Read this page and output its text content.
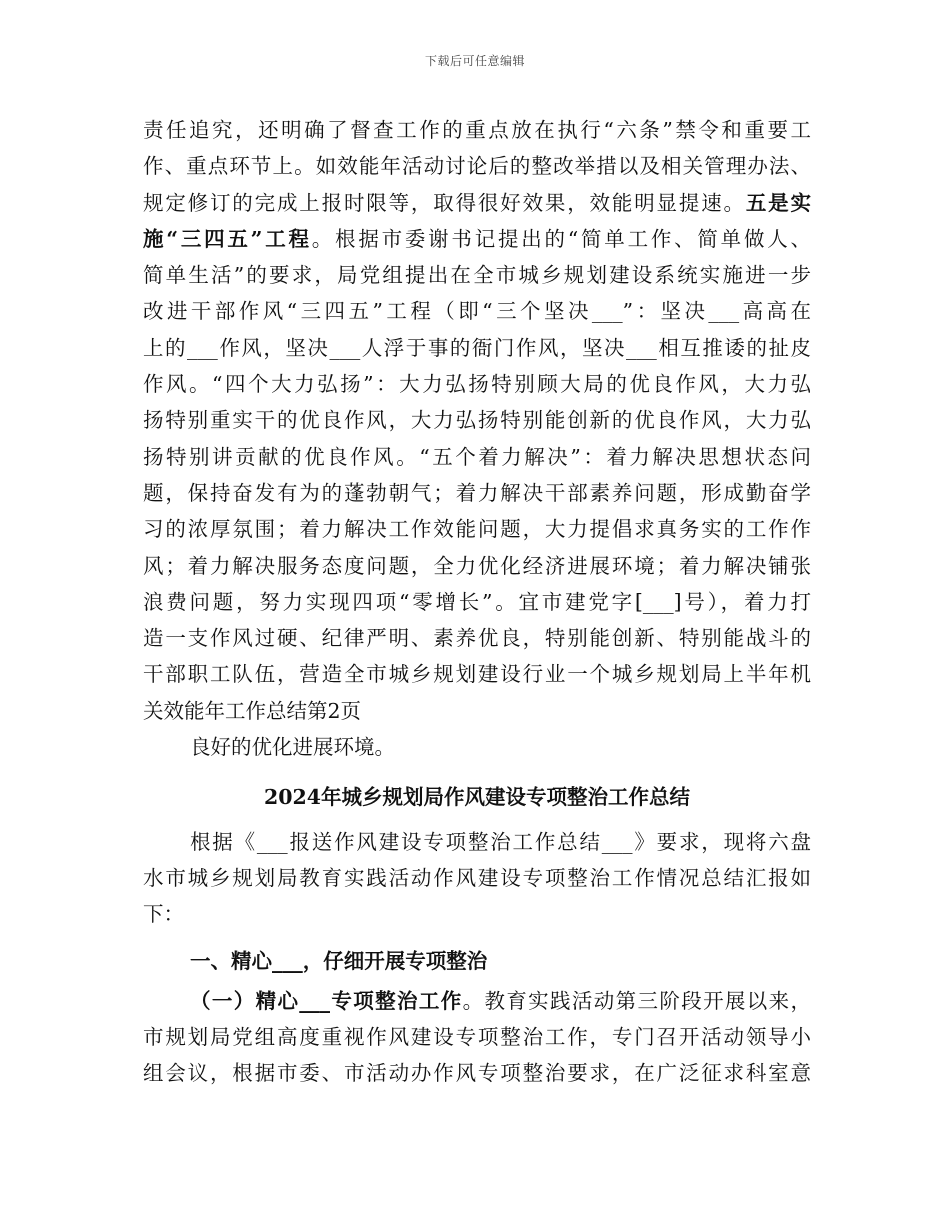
下载后可任意编辑
责任追究，还明确了督查工作的重点放在执行“六条”禁令和重要工
作、重点环节上。如效能年活动讨论后的整改举措以及相关管理办法、
规定修订的完成上报时限等，取得很好效果，效能明显提速。五是实
施“三四五”工程。根据市委谢书记提出的“简单工作、简单做人、
简单生活”的要求，局党组提出在全市城乡规划建设系统实施进一步
改进干部作风“三四五”工程（即“三个坚决___”：坚决___高高在
上的___作风，坚决___人浮于事的衙门作风，坚决___相互推诿的扯皮
作风。“四个大力弘扬”：大力弘扬特别顾大局的优良作风，大力弘
扬特别重实干的优良作风，大力弘扬特别能创新的优良作风，大力弘
扬特别讲贡献的优良作风。“五个着力解决”：着力解决思想状态问
题，保持奋发有为的蓬勃朝气；着力解决干部素养问题，形成勤奋学
习的浓厚氛围；着力解决工作效能问题，大力提倡求真务实的工作作
风；着力解决服务态度问题，全力优化经济进展环境；着力解决铺张
浪费问题，努力实现四项“零增长”。宜市建党字[___]号），着力打
造一支作风过硬、纪律严明、素养优良，特别能创新、特别能战斗的
干部职工队伍，营造全市城乡规划建设行业一个城乡规划局上半年机
关效能年工作总结第2页
良好的优化进展环境。
2024年城乡规划局作风建设专项整治工作总结
根据《___报送作风建设专项整治工作总结___》要求，现将六盘
水市城乡规划局教育实践活动作风建设专项整治工作情况总结汇报如
下：
一、精心___，仔细开展专项整治
（一）精心___专项整治工作。教育实践活动第三阶段开展以来，
市规划局党组高度重视作风建设专项整治工作，专门召开活动领导小
组会议，根据市委、市活动办作风专项整治要求，在广泛征求科室意
